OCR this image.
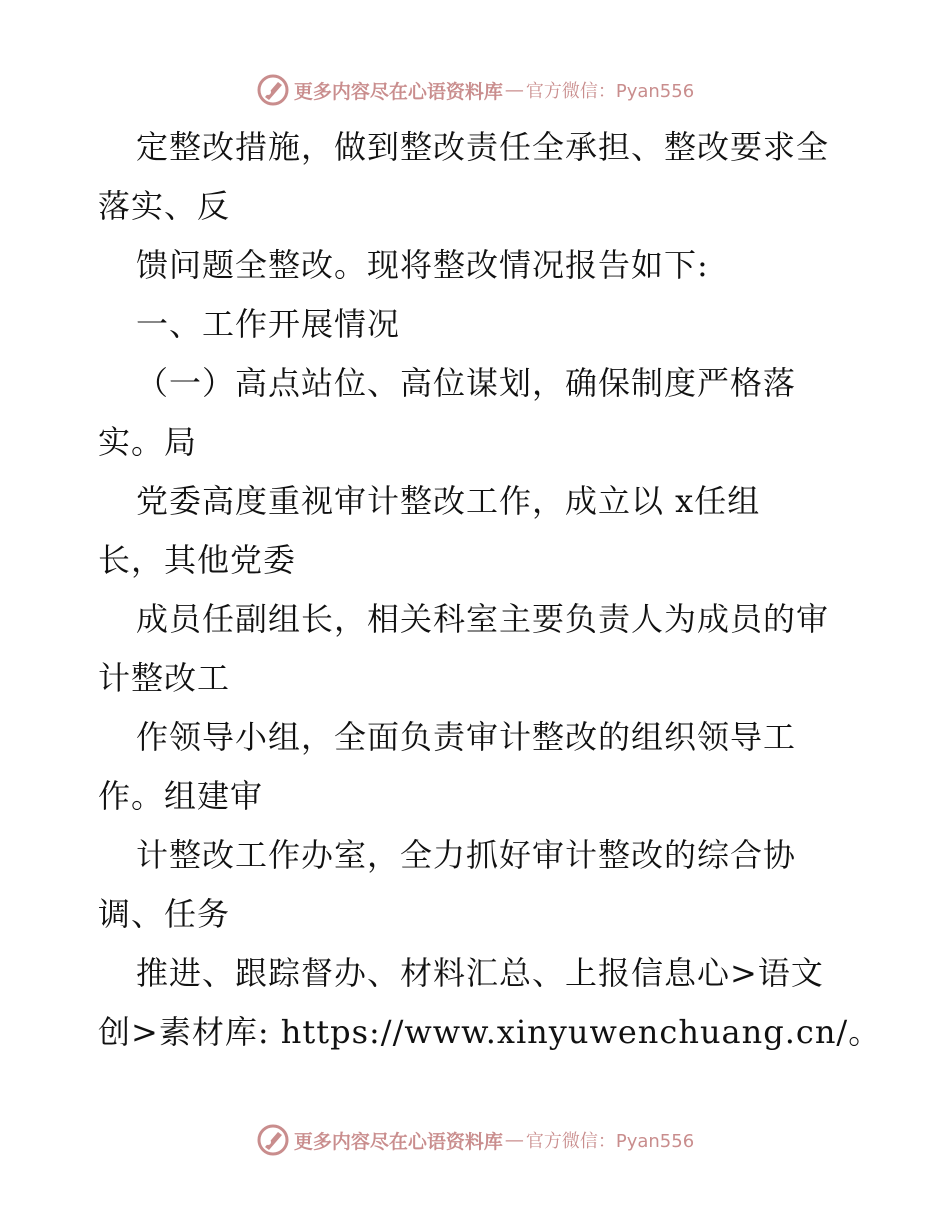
更多内容尽在心语资料库 — 官方微信：Pyan556
定整改措施，做到整改责任全承担、整改要求全
落实、反
馈问题全整改。现将整改情况报告如下:
一、工作开展情况
（一）高点站位、高位谋划，确保制度严格落
实。局
党委高度重视审计整改工作，成立以 x任组
长，其他党委
成员任副组长，相关科室主要负责人为成员的审
计整改工
作领导小组，全面负责审计整改的组织领导工
作。组建审
计整改工作办室，全力抓好审计整改的综合协
调、任务
推进、跟踪督办、材料汇总、上报信息心>语文
创>素材库: https://www.xinyuwenchuang.cn/。
更多内容尽在心语资料库 — 官方微信：Pyan556
